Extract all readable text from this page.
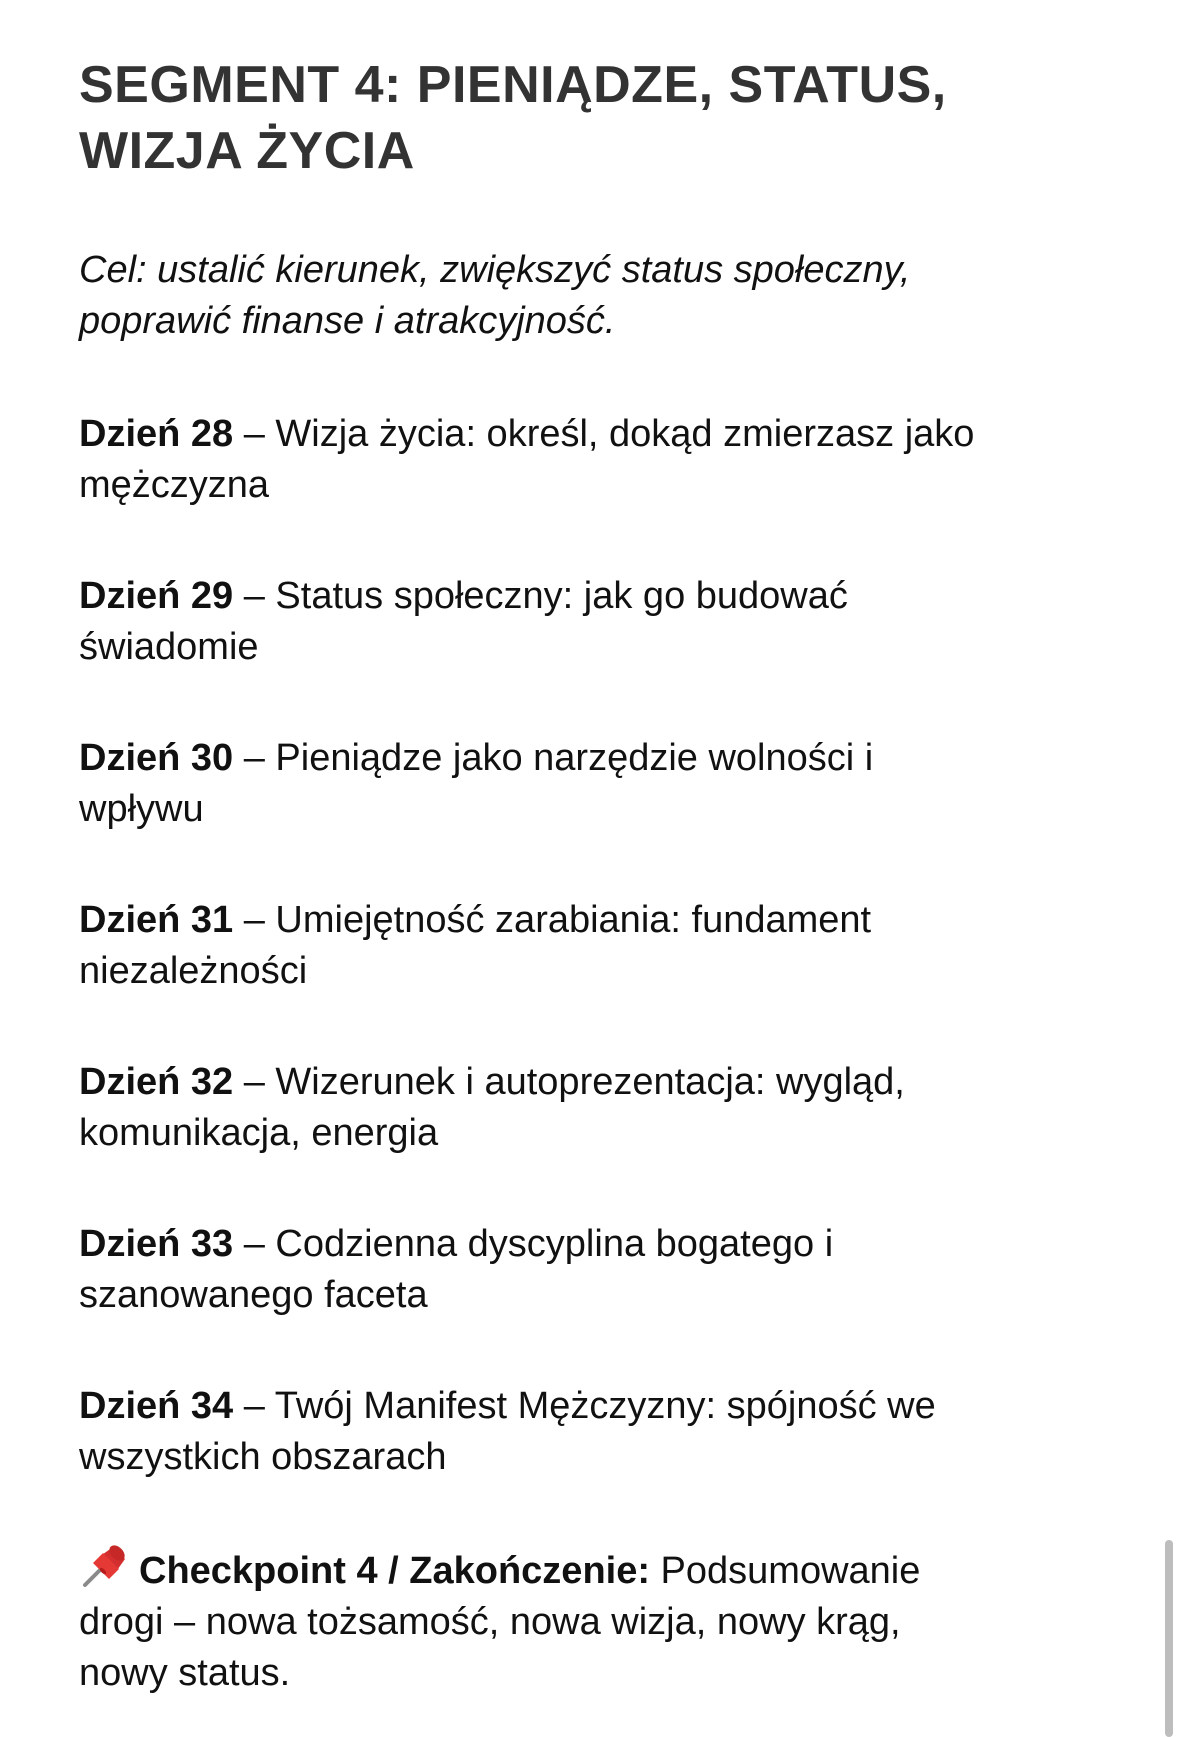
SEGMENT 4: PIENIĄDZE, STATUS,
WIZJA ŻYCIA

Cel: ustalić kierunek, zwiększyć status społeczny,
poprawić finanse i atrakcyjność.

Dzień 28 – Wizja życia: określ, dokąd zmierzasz jako
mężczyzna

Dzień 29 – Status społeczny: jak go budować
świadomie

Dzień 30 – Pieniądze jako narzędzie wolności i
wpływu

Dzień 31 – Umiejętność zarabiania: fundament
niezależności

Dzień 32 – Wizerunek i autoprezentacja: wygląd,
komunikacja, energia

Dzień 33 – Codzienna dyscyplina bogatego i
szanowanego faceta

Dzień 34 – Twój Manifest Mężczyzny: spójność we
wszystkich obszarach

Checkpoint 4 / Zakończenie: Podsumowanie
drogi – nowa tożsamość, nowa wizja, nowy krąg,
nowy status.
